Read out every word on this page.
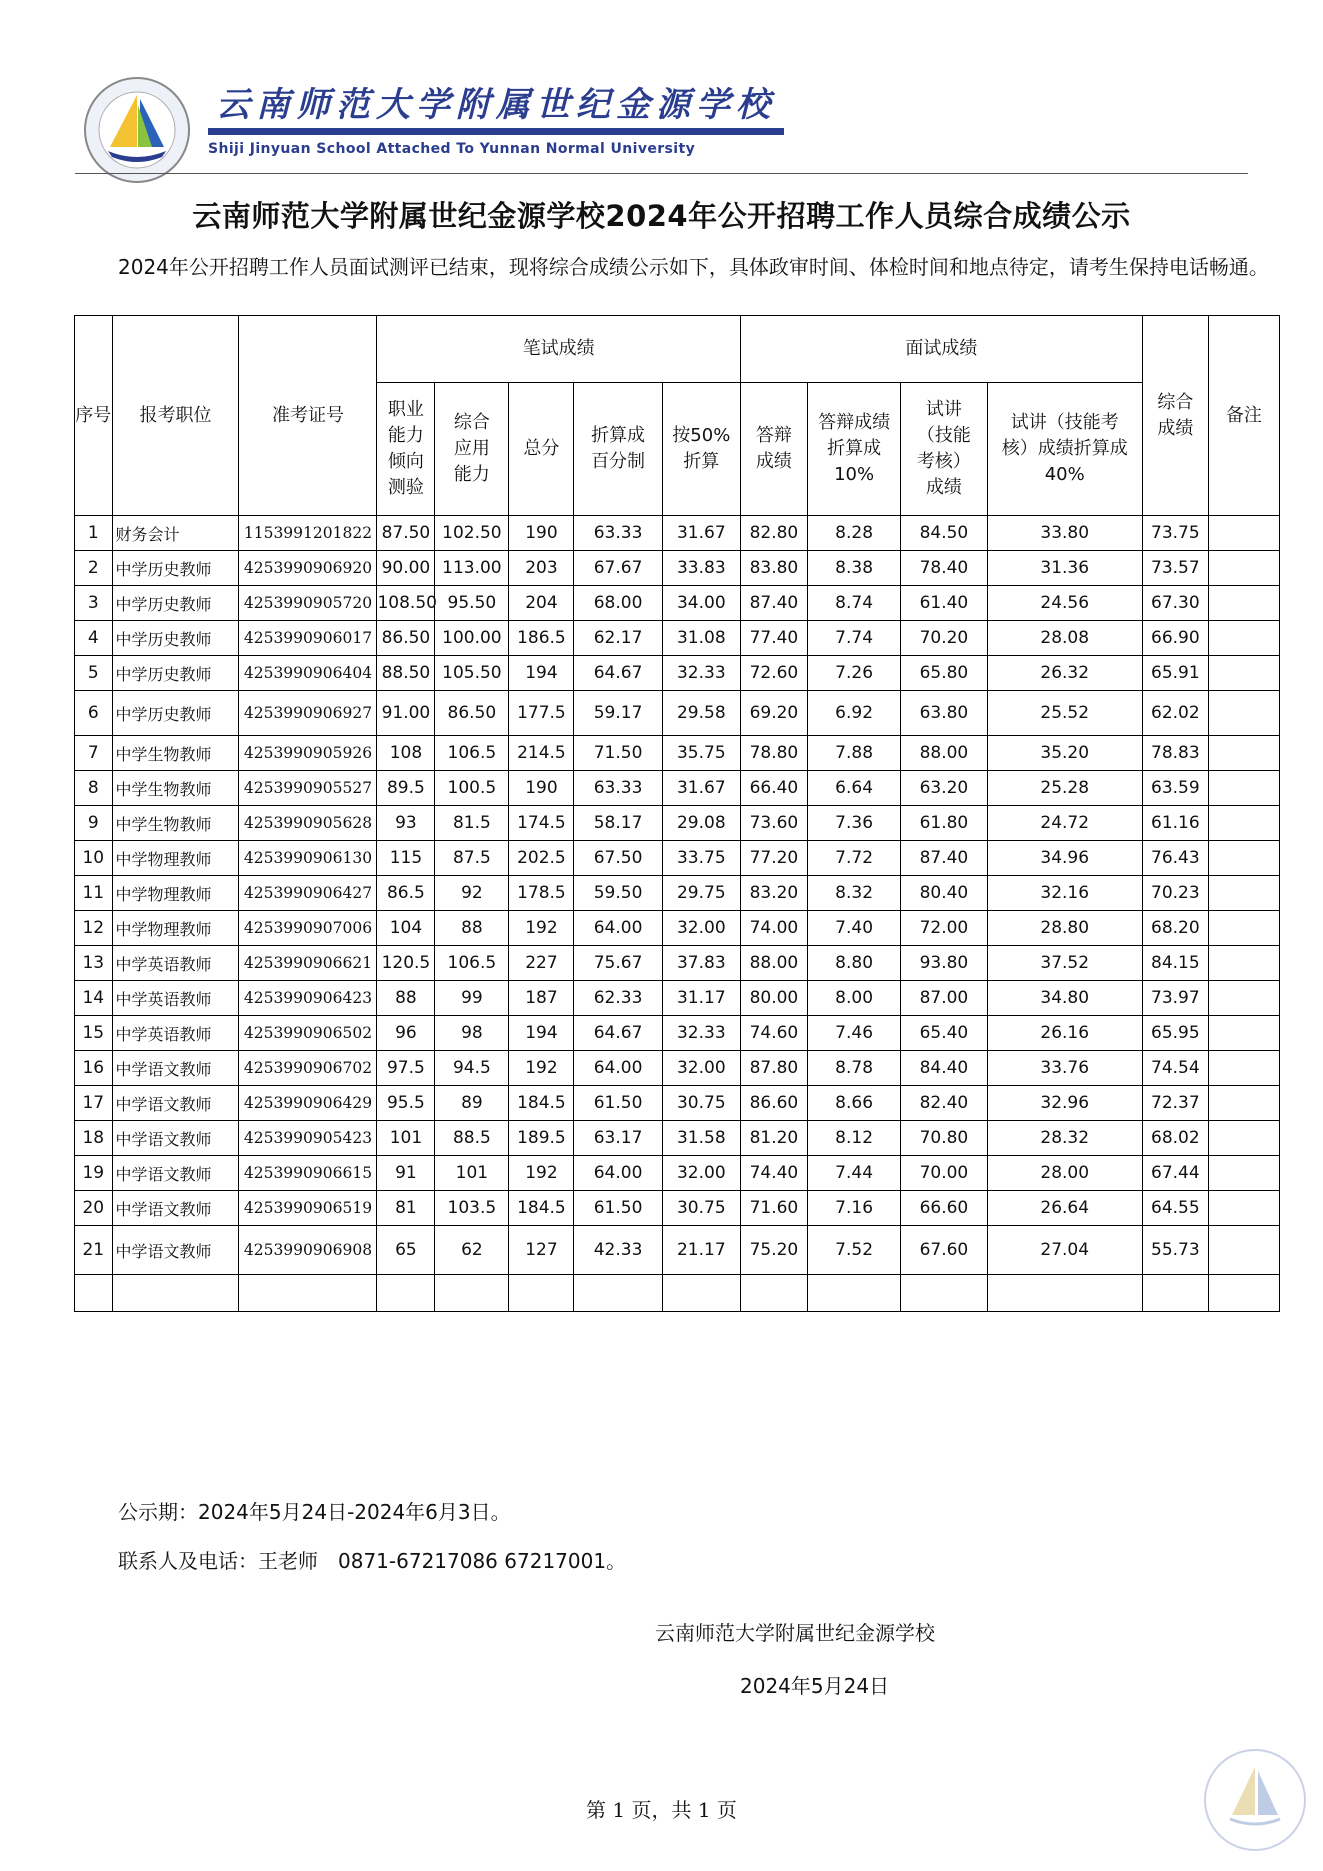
云南师范大学附属世纪金源学校
Shiji Jinyuan School Attached To Yunnan Normal University
云南师范大学附属世纪金源学校2024年公开招聘工作人员综合成绩公示
2024年公开招聘工作人员面试测评已结束，现将综合成绩公示如下，具体政审时间、体检时间和地点待定，请考生保持电话畅通。
序号	报考职位	准考证号	笔试成绩					面试成绩				综合成绩	备注
			职业能力倾向测验	综合应用能力	总分	折算成百分制	按50%折算	答辩成绩	答辩成绩折算成10%	试讲（技能考核）成绩	试讲（技能考核）成绩折算成40%		
1	财务会计	1153991201822	87.50	102.50	190	63.33	31.67	82.80	8.28	84.50	33.80	73.75	
2	中学历史教师	4253990906920	90.00	113.00	203	67.67	33.83	83.80	8.38	78.40	31.36	73.57	
3	中学历史教师	4253990905720	108.50	95.50	204	68.00	34.00	87.40	8.74	61.40	24.56	67.30	
4	中学历史教师	4253990906017	86.50	100.00	186.5	62.17	31.08	77.40	7.74	70.20	28.08	66.90	
5	中学历史教师	4253990906404	88.50	105.50	194	64.67	32.33	72.60	7.26	65.80	26.32	65.91	
6	中学历史教师	4253990906927	91.00	86.50	177.5	59.17	29.58	69.20	6.92	63.80	25.52	62.02	
7	中学生物教师	4253990905926	108	106.5	214.5	71.50	35.75	78.80	7.88	88.00	35.20	78.83	
8	中学生物教师	4253990905527	89.5	100.5	190	63.33	31.67	66.40	6.64	63.20	25.28	63.59	
9	中学生物教师	4253990905628	93	81.5	174.5	58.17	29.08	73.60	7.36	61.80	24.72	61.16	
10	中学物理教师	4253990906130	115	87.5	202.5	67.50	33.75	77.20	7.72	87.40	34.96	76.43	
11	中学物理教师	4253990906427	86.5	92	178.5	59.50	29.75	83.20	8.32	80.40	32.16	70.23	
12	中学物理教师	4253990907006	104	88	192	64.00	32.00	74.00	7.40	72.00	28.80	68.20	
13	中学英语教师	4253990906621	120.5	106.5	227	75.67	37.83	88.00	8.80	93.80	37.52	84.15	
14	中学英语教师	4253990906423	88	99	187	62.33	31.17	80.00	8.00	87.00	34.80	73.97	
15	中学英语教师	4253990906502	96	98	194	64.67	32.33	74.60	7.46	65.40	26.16	65.95	
16	中学语文教师	4253990906702	97.5	94.5	192	64.00	32.00	87.80	8.78	84.40	33.76	74.54	
17	中学语文教师	4253990906429	95.5	89	184.5	61.50	30.75	86.60	8.66	82.40	32.96	72.37	
18	中学语文教师	4253990905423	101	88.5	189.5	63.17	31.58	81.20	8.12	70.80	28.32	68.02	
19	中学语文教师	4253990906615	91	101	192	64.00	32.00	74.40	7.44	70.00	28.00	67.44	
20	中学语文教师	4253990906519	81	103.5	184.5	61.50	30.75	71.60	7.16	66.60	26.64	64.55	
21	中学语文教师	4253990906908	65	62	127	42.33	21.17	75.20	7.52	67.60	27.04	55.73	

公示期：2024年5月24日-2024年6月3日。
联系人及电话：王老师　0871-67217086 67217001。
云南师范大学附属世纪金源学校
2024年5月24日
第 1 页，共 1 页
